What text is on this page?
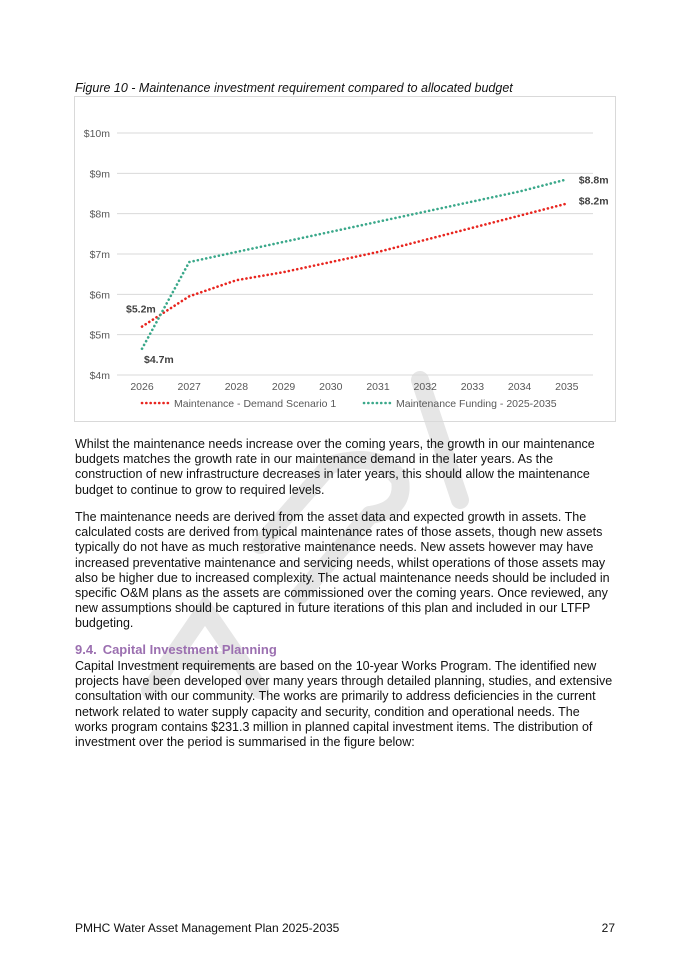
Figure 10 - Maintenance investment requirement compared to allocated budget

$4m
$5m
$6m
$7m
$8m
$9m
$10m
2026 2027 2028 2029 2030 2031 2032 2033 2034 2035
$5.2m
$4.7m
$8.8m
$8.2m
Maintenance - Demand Scenario 1	Maintenance Funding - 2025-2035

Whilst the maintenance needs increase over the coming years, the growth in our maintenance budgets matches the growth rate in our maintenance demand in the later years. As the construction of new infrastructure decreases in later years, this should allow the maintenance budget to continue to grow to required levels.

The maintenance needs are derived from the asset data and expected growth in assets. The calculated costs are derived from typical maintenance rates of those assets, though new assets typically do not have as much restorative maintenance needs. New assets however may have increased preventative maintenance and servicing needs, whilst operations of those assets may also be higher due to increased complexity. The actual maintenance needs should be included in specific O&M plans as the assets are commissioned over the coming years. Once reviewed, any new assumptions should be captured in future iterations of this plan and included in our LTFP budgeting.

9.4. Capital Investment Planning

Capital Investment requirements are based on the 10-year Works Program. The identified new projects have been developed over many years through detailed planning, studies, and extensive consultation with our community. The works are primarily to address deficiencies in the current network related to water supply capacity and security, condition and operational needs. The works program contains $231.3 million in planned capital investment items. The distribution of investment over the period is summarised in the figure below:

PMHC Water Asset Management Plan 2025-2035	27
